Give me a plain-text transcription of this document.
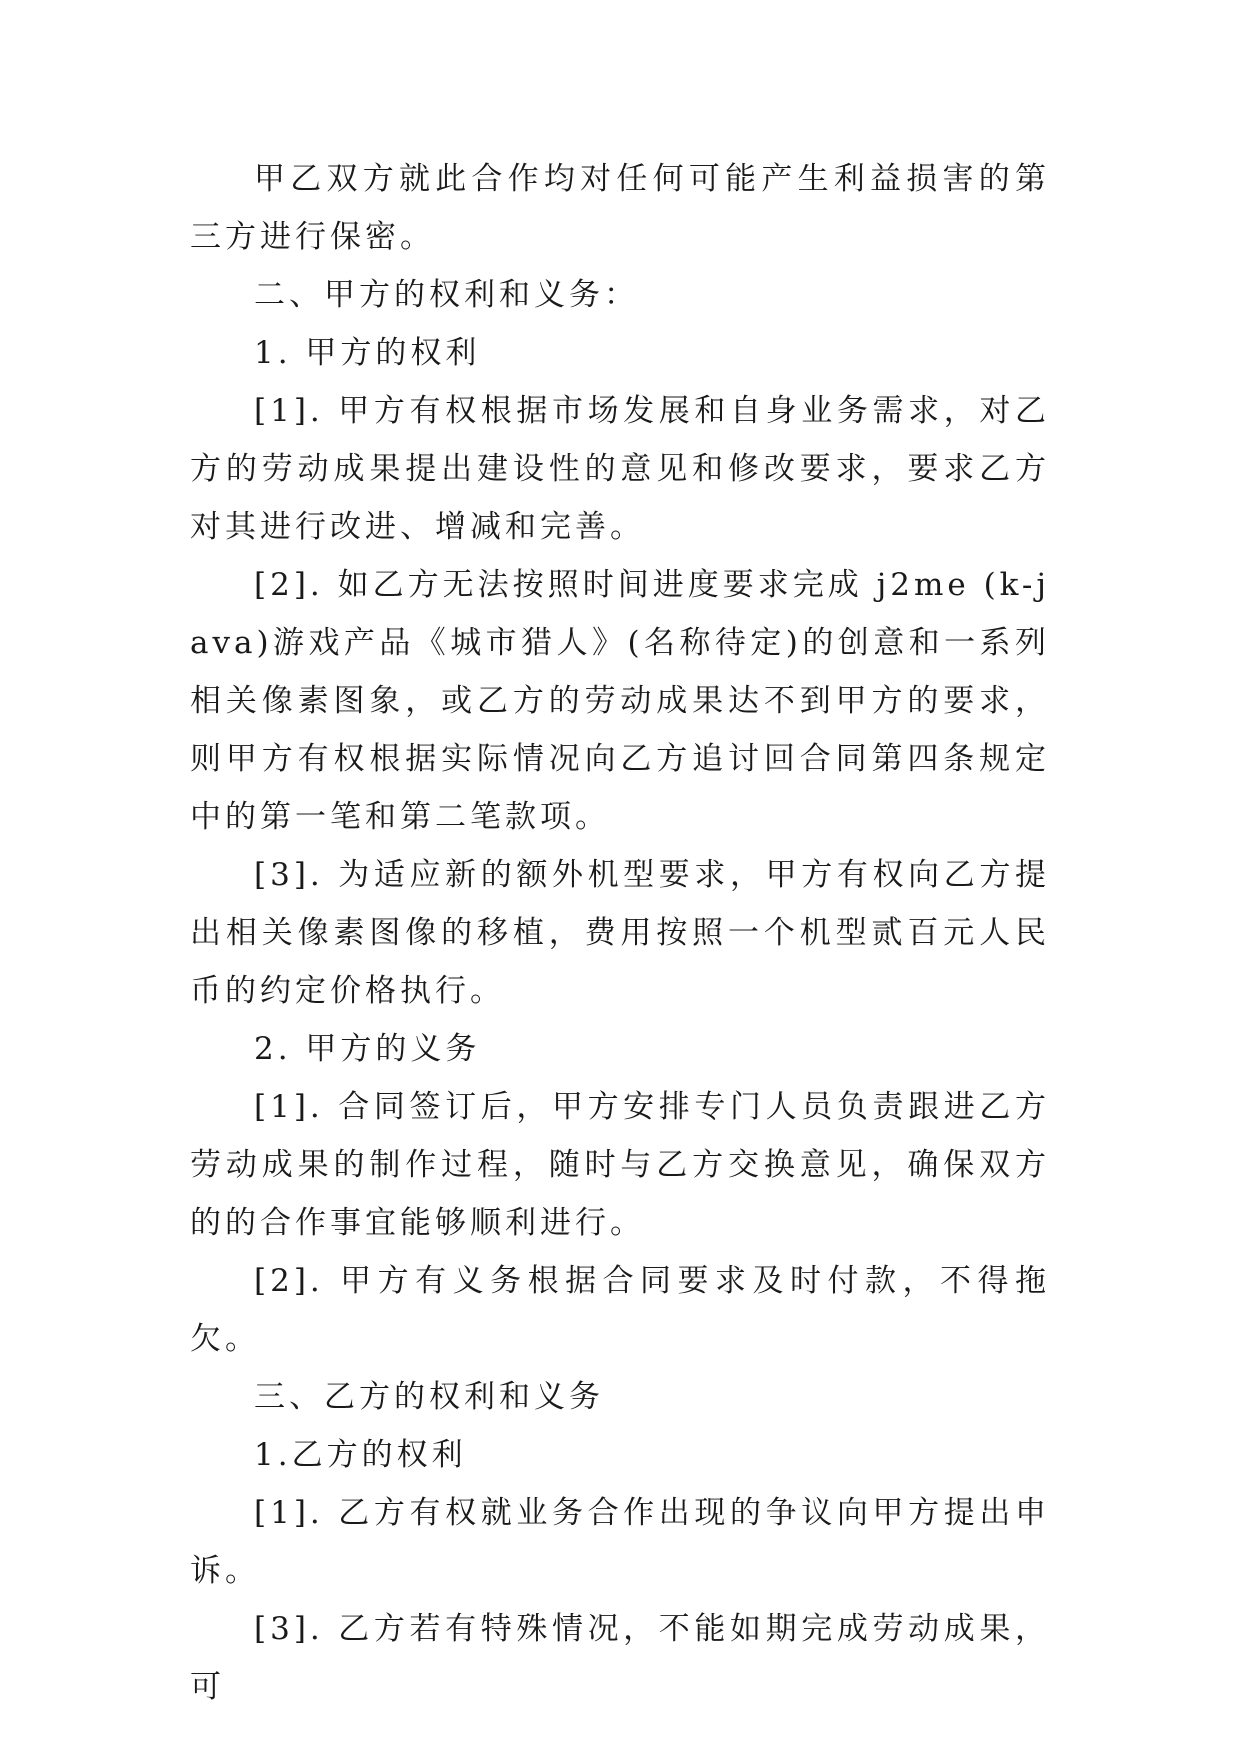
甲乙双方就此合作均对任何可能产生利益损害的第三方进行保密。

二、甲方的权利和义务：

1. 甲方的权利

[1]. 甲方有权根据市场发展和自身业务需求，对乙方的劳动成果提出建设性的意见和修改要求，要求乙方对其进行改进、增减和完善。

[2]. 如乙方无法按照时间进度要求完成 j2me (k-java)游戏产品《城市猎人》(名称待定)的创意和一系列相关像素图象，或乙方的劳动成果达不到甲方的要求，则甲方有权根据实际情况向乙方追讨回合同第四条规定中的第一笔和第二笔款项。

[3]. 为适应新的额外机型要求，甲方有权向乙方提出相关像素图像的移植，费用按照一个机型贰百元人民币的约定价格执行。

2. 甲方的义务

[1]. 合同签订后，甲方安排专门人员负责跟进乙方劳动成果的制作过程，随时与乙方交换意见，确保双方的的合作事宜能够顺利进行。

[2]. 甲方有义务根据合同要求及时付款，不得拖欠。

三、乙方的权利和义务

1.乙方的权利

[1]. 乙方有权就业务合作出现的争议向甲方提出申诉。

[3]. 乙方若有特殊情况，不能如期完成劳动成果，可
